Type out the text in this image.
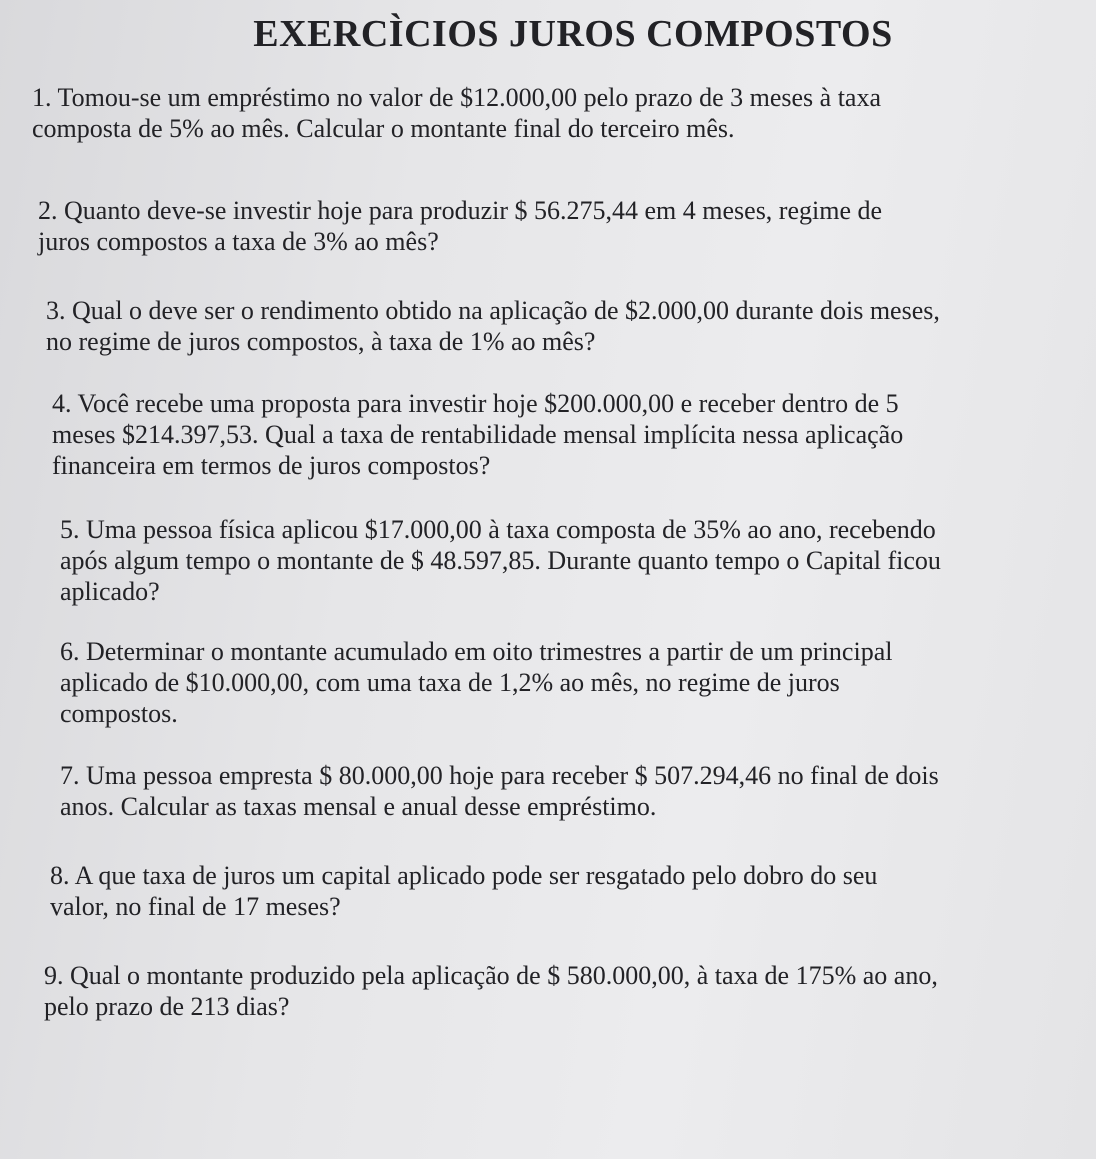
EXERCÌCIOS JUROS COMPOSTOS

1. Tomou-se um empréstimo no valor de $12.000,00 pelo prazo de 3 meses à taxa
composta de 5% ao mês. Calcular o montante final do terceiro mês.

2. Quanto deve-se investir hoje para produzir $ 56.275,44 em 4 meses, regime de
juros compostos a taxa de 3% ao mês?

3. Qual o deve ser o rendimento obtido na aplicação de $2.000,00 durante dois meses,
no regime de juros compostos, à taxa de 1% ao mês?

4. Você recebe uma proposta para investir hoje $200.000,00 e receber dentro de 5
meses $214.397,53. Qual a taxa de rentabilidade mensal implícita nessa aplicação
financeira em termos de juros compostos?

5. Uma pessoa física aplicou $17.000,00 à taxa composta de 35% ao ano, recebendo
após algum tempo o montante de $ 48.597,85. Durante quanto tempo o Capital ficou
aplicado?

6. Determinar o montante acumulado em oito trimestres a partir de um principal
aplicado de $10.000,00, com uma taxa de 1,2% ao mês, no regime de juros
compostos.

7. Uma pessoa empresta $ 80.000,00 hoje para receber $ 507.294,46 no final de dois
anos. Calcular as taxas mensal e anual desse empréstimo.

8. A que taxa de juros um capital aplicado pode ser resgatado pelo dobro do seu
valor, no final de 17 meses?

9. Qual o montante produzido pela aplicação de $ 580.000,00, à taxa de 175% ao ano,
pelo prazo de 213 dias?
